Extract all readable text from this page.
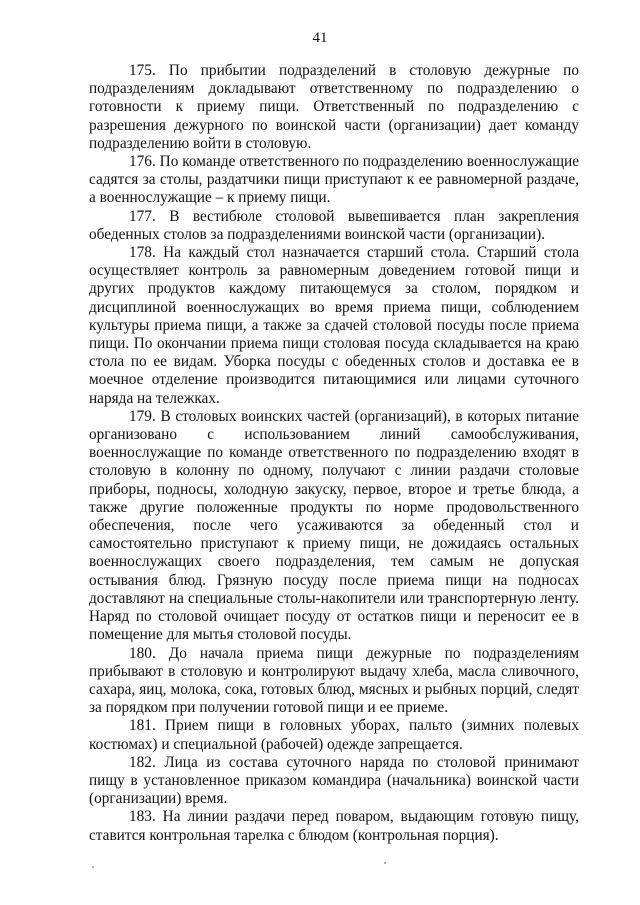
41

175. По прибытии подразделений в столовую дежурные по подразделениям докладывают ответственному по подразделению о готовности к приему пищи. Ответственный по подразделению с разрешения дежурного по воинской части (организации) дает команду подразделению войти в столовую.

176. По команде ответственного по подразделению военнослужащие садятся за столы, раздатчики пищи приступают к ее равномерной раздаче, а военнослужащие – к приему пищи.

177. В вестибюле столовой вывешивается план закрепления обеденных столов за подразделениями воинской части (организации).

178. На каждый стол назначается старший стола. Старший стола осуществляет контроль за равномерным доведением готовой пищи и других продуктов каждому питающемуся за столом, порядком и дисциплиной военнослужащих во время приема пищи, соблюдением культуры приема пищи, а также за сдачей столовой посуды после приема пищи. По окончании приема пищи столовая посуда складывается на краю стола по ее видам. Уборка посуды с обеденных столов и доставка ее в моечное отделение производится питающимися или лицами суточного наряда на тележках.

179. В столовых воинских частей (организаций), в которых питание организовано с использованием линий самообслуживания, военнослужащие по команде ответственного по подразделению входят в столовую в колонну по одному, получают с линии раздачи столовые приборы, подносы, холодную закуску, первое, второе и третье блюда, а также другие положенные продукты по норме продовольственного обеспечения, после чего усаживаются за обеденный стол и самостоятельно приступают к приему пищи, не дожидаясь остальных военнослужащих своего подразделения, тем самым не допуская остывания блюд. Грязную посуду после приема пищи на подносах доставляют на специальные столы-накопители или транспортерную ленту. Наряд по столовой очищает посуду от остатков пищи и переносит ее в помещение для мытья столовой посуды.

180. До начала приема пищи дежурные по подразделениям прибывают в столовую и контролируют выдачу хлеба, масла сливочного, сахара, яиц, молока, сока, готовых блюд, мясных и рыбных порций, следят за порядком при получении готовой пищи и ее приеме.

181. Прием пищи в головных уборах, пальто (зимних полевых костюмах) и специальной (рабочей) одежде запрещается.

182. Лица из состава суточного наряда по столовой принимают пищу в установленное приказом командира (начальника) воинской части (организации) время.

183. На линии раздачи перед поваром, выдающим готовую пищу, ставится контрольная тарелка с блюдом (контрольная порция).
